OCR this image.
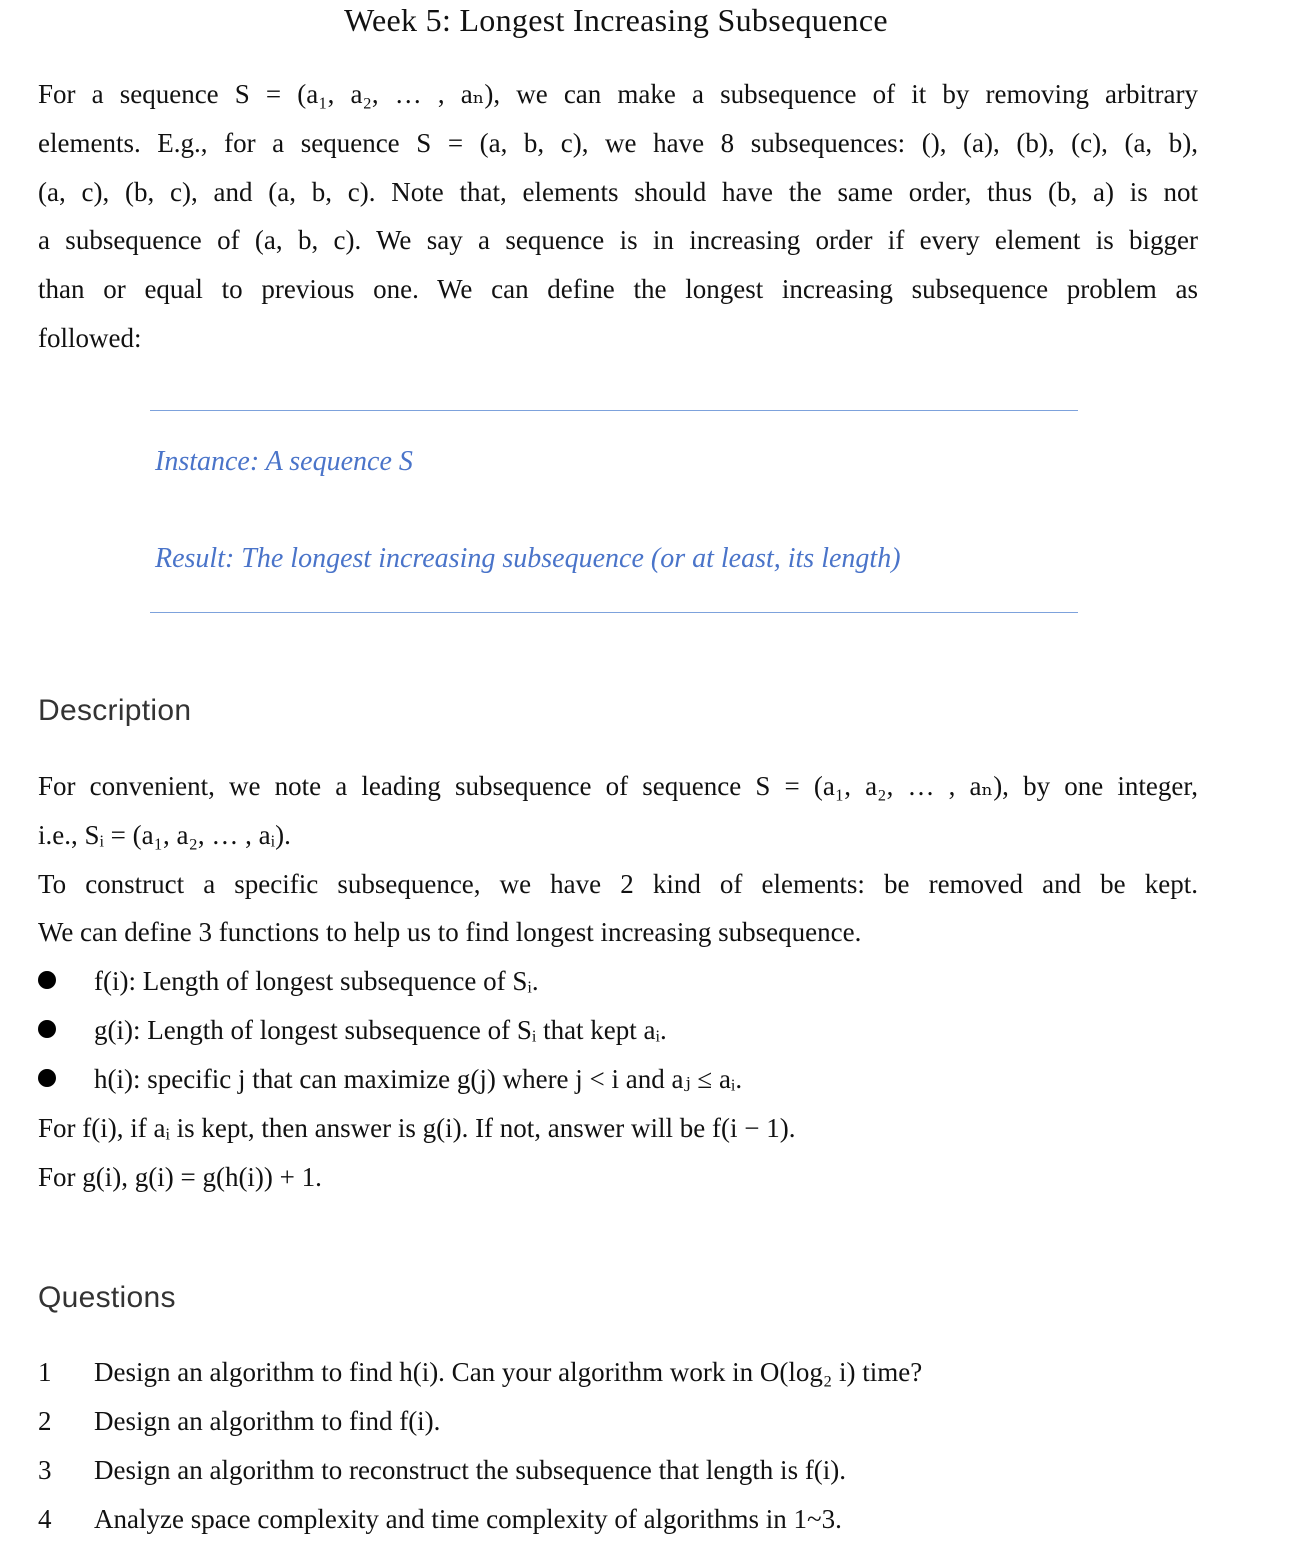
Week 5: Longest Increasing Subsequence

For a sequence S = (a₁, a₂, … , aₙ), we can make a subsequence of it by removing arbitrary

elements. E.g., for a sequence S = (a, b, c), we have 8 subsequences: (), (a), (b), (c), (a, b),

(a, c), (b, c), and (a, b, c). Note that, elements should have the same order, thus (b, a) is not

a subsequence of (a, b, c). We say a sequence is in increasing order if every element is bigger

than or equal to previous one. We can define the longest increasing subsequence problem as

followed:

Instance: A sequence S
Result: The longest increasing subsequence (or at least, its length)
Description

For convenient, we note a leading subsequence of sequence S = (a₁, a₂, … , aₙ), by one integer,

i.e., Sᵢ = (a₁, a₂, … , aᵢ).

To construct a specific subsequence, we have 2 kind of elements: be removed and be kept.

We can define 3 functions to help us to find longest increasing subsequence.

f(i): Length of longest subsequence of Sᵢ.
g(i): Length of longest subsequence of Sᵢ that kept aᵢ.
h(i): specific j that can maximize g(j) where j < i and aⱼ ≤ aᵢ.

For f(i), if aᵢ is kept, then answer is g(i). If not, answer will be f(i − 1).

For g(i), g(i) = g(h(i)) + 1.

Questions
1 Design an algorithm to find h(i). Can your algorithm work in O(log₂ i) time?
2 Design an algorithm to find f(i).
3 Design an algorithm to reconstruct the subsequence that length is f(i).
4 Analyze space complexity and time complexity of algorithms in 1~3.
